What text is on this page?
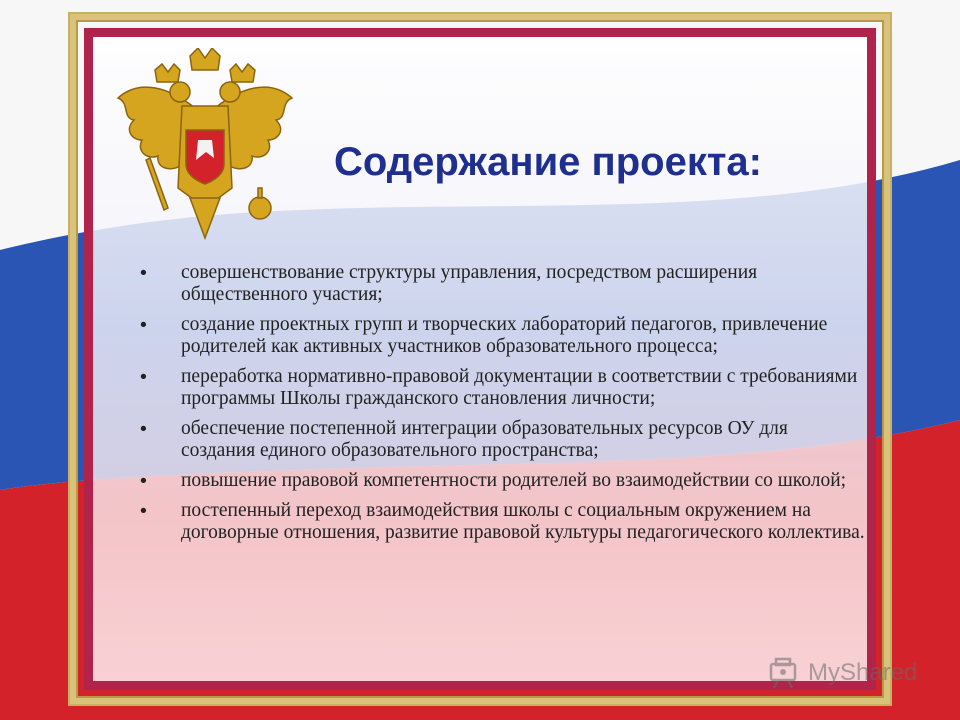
Содержание проекта:
• совершенствование структуры управления, посредством расширения общественного участия;
• создание проектных групп и творческих лабораторий педагогов, привлечение родителей как активных участников образовательного процесса;
• переработка нормативно-правовой документации в соответствии с требованиями программы Школы гражданского становления личности;
• обеспечение постепенной интеграции образовательных ресурсов ОУ для создания единого образовательного пространства;
• повышение правовой компетентности родителей во взаимодействии со школой;
• постепенный переход взаимодействия школы с социальным окружением на договорные отношения, развитие правовой культуры педагогического коллектива.
MyShared
